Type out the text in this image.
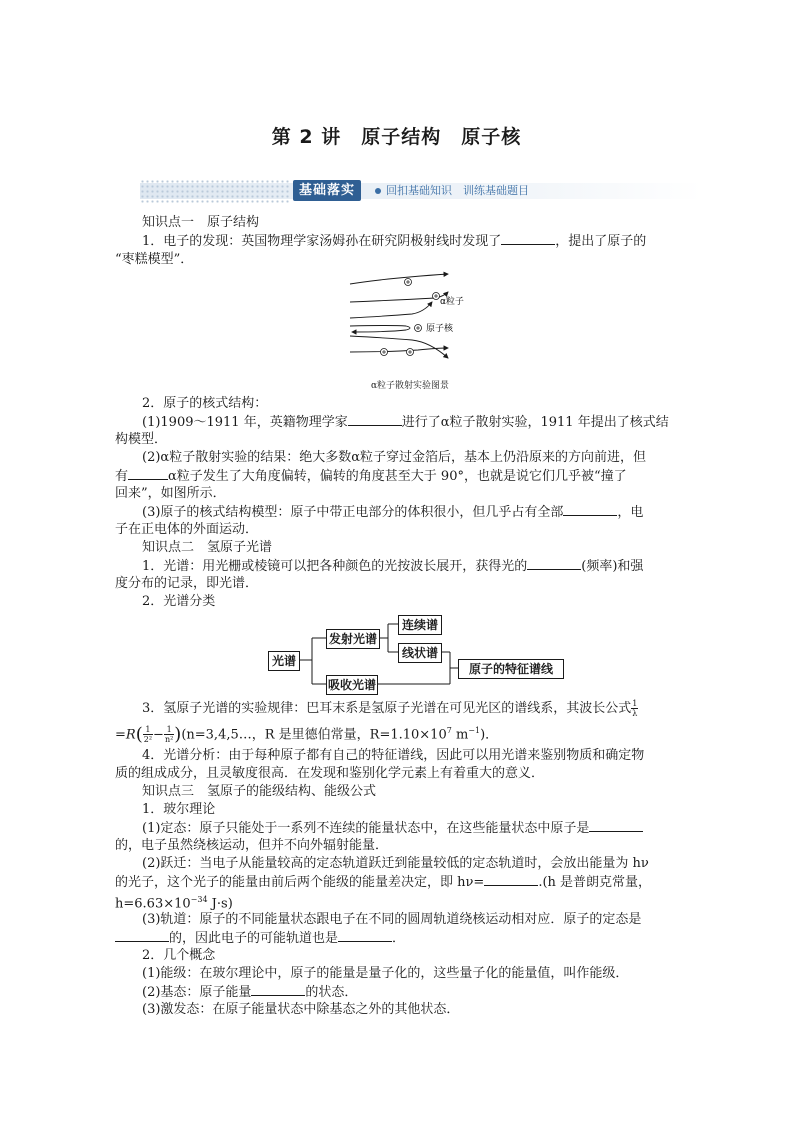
第 2 讲　原子结构　原子核
基础落实	回扣基础知识　训练基础题目
知识点一　原子结构
1．电子的发现：英国物理学家汤姆孙在研究阴极射线时发现了	，提出了原子的
“枣糕模型”．
α粒子
原子核
α粒子散射实验图景
2．原子的核式结构：
(1)1909～1911 年，英籍物理学家	进行了α粒子散射实验，1911 年提出了核式结
构模型．
(2)α粒子散射实验的结果：绝大多数α粒子穿过金箔后，基本上仍沿原来的方向前进，但
有	α粒子发生了大角度偏转，偏转的角度甚至大于 90°，也就是说它们几乎被“撞了
回来”，如图所示．
(3)原子的核式结构模型：原子中带正电部分的体积很小，但几乎占有全部	，电
子在正电体的外面运动．
知识点二　氢原子光谱
1．光谱：用光栅或棱镜可以把各种颜色的光按波长展开，获得光的	(频率)和强
度分布的记录，即光谱．
2．光谱分类
光谱
发射光谱
吸收光谱
连续谱
线状谱
原子的特征谱线
3．氢原子光谱的实验规律：巴耳末系是氢原子光谱在可见光区的谱线系，其波长公式 $\frac{1}{\lambda}$
$=R( \frac{1}{\text{2²}} - \frac{1}{\text{n²}}$ )(n=3,4,5…，R 是里德伯常量，$R=1.10\times 10^7$ $m^{-1}$)．
4．光谱分析：由于每种原子都有自己的特征谱线，因此可以用光谱来鉴别物质和确定物
质的组成成分，且灵敏度很高．在发现和鉴别化学元素上有着重大的意义．
知识点三　氢原子的能级结构、能级公式
1．玻尔理论
(1)定态：原子只能处于一系列不连续的能量状态中，在这些能量状态中原子是
的，电子虽然绕核运动，但并不向外辐射能量．
(2)跃迁：当电子从能量较高的定态轨道跃迁到能量较低的定态轨道时，会放出能量为 hν
的光子，这个光子的能量由前后两个能级的能量差决定，即 hν=	.(h 是普朗克常量，
$h=6.63\times 10^{-34}$ J·s)
(3)轨道：原子的不同能量状态跟电子在不同的圆周轨道绕核运动相对应．原子的定态是
的，因此电子的可能轨道也是	．
2．几个概念
(1)能级：在玻尔理论中，原子的能量是量子化的，这些量子化的能量值，叫作能级．
(2)基态：原子能量	的状态．
(3)激发态：在原子能量状态中除基态之外的其他状态．
